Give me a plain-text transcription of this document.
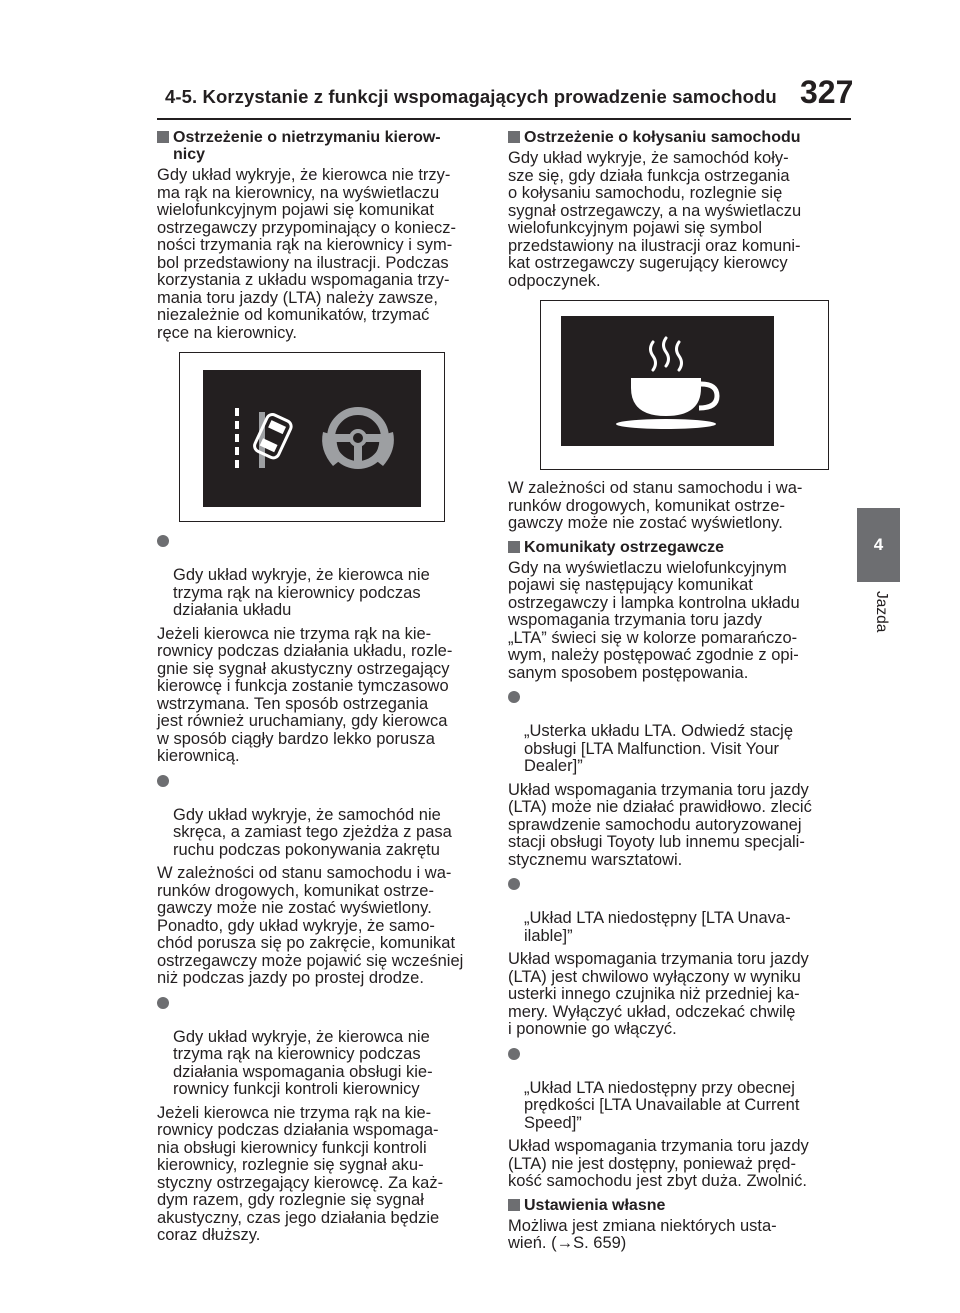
4-5. Korzystanie z funkcji wspomagających prowadzenie samochodu 327
4
Jazda
Ostrzeżenie o nietrzymaniu kierow-
nicy

Gdy układ wykryje, że kierowca nie trzy-
ma rąk na kierownicy, na wyświetlaczu
wielofunkcyjnym pojawi się komunikat
ostrzegawczy przypominający o koniecz-
ności trzymania rąk na kierownicy i sym-
bol przedstawiony na ilustracji. Podczas
korzystania z układu wspomagania trzy-
mania toru jazdy (LTA) należy zawsze,
niezależnie od komunikatów, trzymać
ręce na kierownicy.

Gdy układ wykryje, że kierowca nie
trzyma rąk na kierownicy podczas
działania układu

Jeżeli kierowca nie trzyma rąk na kie-
rownicy podczas działania układu, rozle-
gnie się sygnał akustyczny ostrzegający
kierowcę i funkcja zostanie tymczasowo
wstrzymana. Ten sposób ostrzegania
jest również uruchamiany, gdy kierowca
w sposób ciągły bardzo lekko porusza
kierownicą.

Gdy układ wykryje, że samochód nie
skręca, a zamiast tego zjeżdża z pasa
ruchu podczas pokonywania zakrętu

W zależności od stanu samochodu i wa-
runków drogowych, komunikat ostrze-
gawczy może nie zostać wyświetlony.
Ponadto, gdy układ wykryje, że samo-
chód porusza się po zakręcie, komunikat
ostrzegawczy może pojawić się wcześniej
niż podczas jazdy po prostej drodze.

Gdy układ wykryje, że kierowca nie
trzyma rąk na kierownicy podczas
działania wspomagania obsługi kie-
rownicy funkcji kontroli kierownicy

Jeżeli kierowca nie trzyma rąk na kie-
rownicy podczas działania wspomaga-
nia obsługi kierownicy funkcji kontroli
kierownicy, rozlegnie się sygnał aku-
styczny ostrzegający kierowcę. Za każ-
dym razem, gdy rozlegnie się sygnał
akustyczny, czas jego działania będzie
coraz dłuższy.

Ostrzeżenie o kołysaniu samochodu

Gdy układ wykryje, że samochód koły-
sze się, gdy działa funkcja ostrzegania
o kołysaniu samochodu, rozlegnie się
sygnał ostrzegawczy, a na wyświetlaczu
wielofunkcyjnym pojawi się symbol
przedstawiony na ilustracji oraz komuni-
kat ostrzegawczy sugerujący kierowcy
odpoczynek.

W zależności od stanu samochodu i wa-
runków drogowych, komunikat ostrze-
gawczy może nie zostać wyświetlony.

Komunikaty ostrzegawcze

Gdy na wyświetlaczu wielofunkcyjnym
pojawi się następujący komunikat
ostrzegawczy i lampka kontrolna układu
wspomagania trzymania toru jazdy
„LTA” świeci się w kolorze pomarańczo-
wym, należy postępować zgodnie z opi-
sanym sposobem postępowania.

„Usterka układu LTA. Odwiedź stację
obsługi [LTA Malfunction. Visit Your
Dealer]”

Układ wspomagania trzymania toru jazdy
(LTA) może nie działać prawidłowo. zlecić
sprawdzenie samochodu autoryzowanej
stacji obsługi Toyoty lub innemu specjali-
stycznemu warsztatowi.

„Układ LTA niedostępny [LTA Unava-
ilable]”

Układ wspomagania trzymania toru jazdy
(LTA) jest chwilowo wyłączony w wyniku
usterki innego czujnika niż przedniej ka-
mery. Wyłączyć układ, odczekać chwilę
i ponownie go włączyć.

„Układ LTA niedostępny przy obecnej
prędkości [LTA Unavailable at Current
Speed]”

Układ wspomagania trzymania toru jazdy
(LTA) nie jest dostępny, ponieważ pręd-
kość samochodu jest zbyt duża. Zwolnić.

Ustawienia własne

Możliwa jest zmiana niektórych usta-
wień. (→S. 659)
